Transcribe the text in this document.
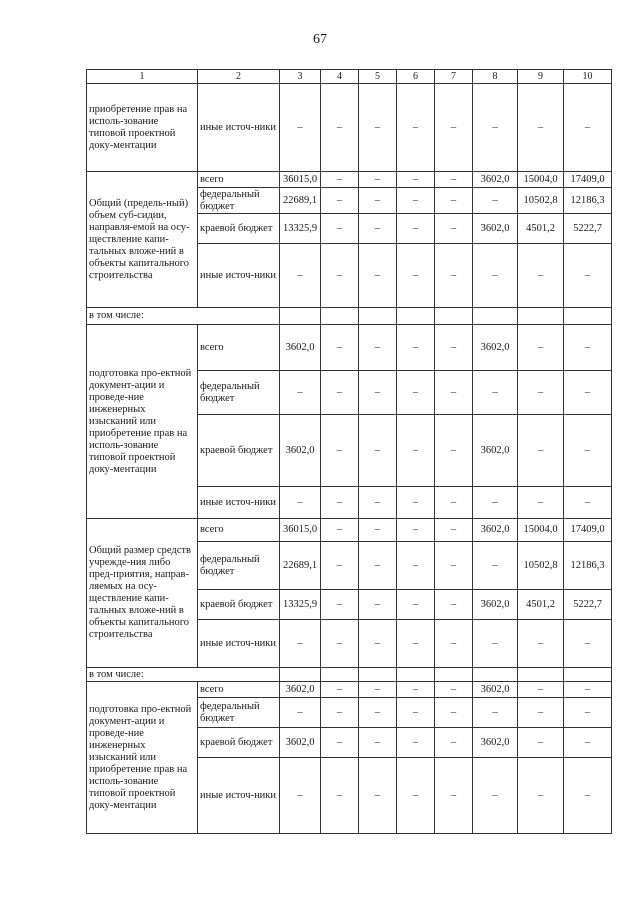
67
1	2	3	4	5	6	7	8	9	10
приобретение прав на исполь-зование типовой проектной доку-ментации	иные источ-ники	–	–	–	–	–	–	–	–
Общий (предель-ный) объем суб-сидии, направля-емой на осу-ществление капи-тальных вложе-ний в объекты капитального строительства	всего	36015,0	–	–	–	–	3602,0	15004,0	17409,0
	федеральный бюджет	22689,1	–	–	–	–	–	10502,8	12186,3
	краевой бюджет	13325,9	–	–	–	–	3602,0	4501,2	5222,7
	иные источ-ники	–	–	–	–	–	–	–	–
в том числе:									
подготовка про-ектной документ-ации и проведе-ние инженерных изысканий или приобретение прав на исполь-зование типовой проектной доку-ментации	всего	3602,0	–	–	–	–	3602,0	–	–
	федеральный бюджет	–	–	–	–	–	–	–	–
	краевой бюджет	3602,0	–	–	–	–	3602,0	–	–
	иные источ-ники	–	–	–	–	–	–	–	–
Общий размер средств учрежде-ния либо пред-приятия, направ-ляемых на осу-ществление капи-тальных вложе-ний в объекты капитального строительства	всего	36015,0	–	–	–	–	3602,0	15004,0	17409,0
	федеральный бюджет	22689,1	–	–	–	–	–	10502,8	12186,3
	краевой бюджет	13325,9	–	–	–	–	3602,0	4501,2	5222,7
	иные источ-ники	–	–	–	–	–	–	–	–
в том числе:									
подготовка про-ектной документ-ации и проведе-ние инженерных изысканий или приобретение прав на исполь-зование типовой проектной доку-ментации	всего	3602,0	–	–	–	–	3602,0	–	–
	федеральный бюджет	–	–	–	–	–	–	–	–
	краевой бюджет	3602,0	–	–	–	–	3602,0	–	–
	иные источ-ники	–	–	–	–	–	–	–	–
